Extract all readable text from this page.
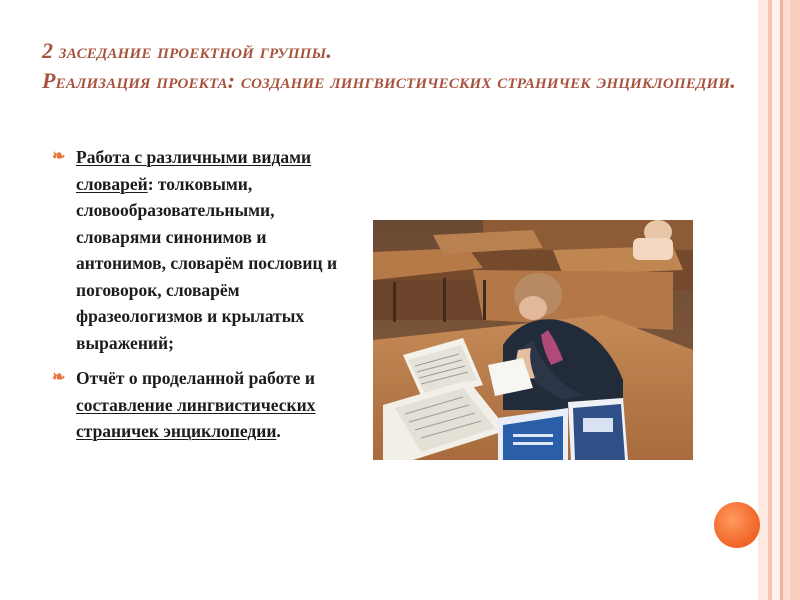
2 заседание проектной группы.
Реализация проекта: создание лингвистических страничек энциклопедии.
❧ Работа с различными видами словарей: толковыми, словообразовательными, словарями синонимов и антонимов, словарём пословиц и поговорок, словарём фразеологизмов и крылатых выражений;
❧ Отчёт о проделанной работе и составление лингвистических страничек энциклопедии.
